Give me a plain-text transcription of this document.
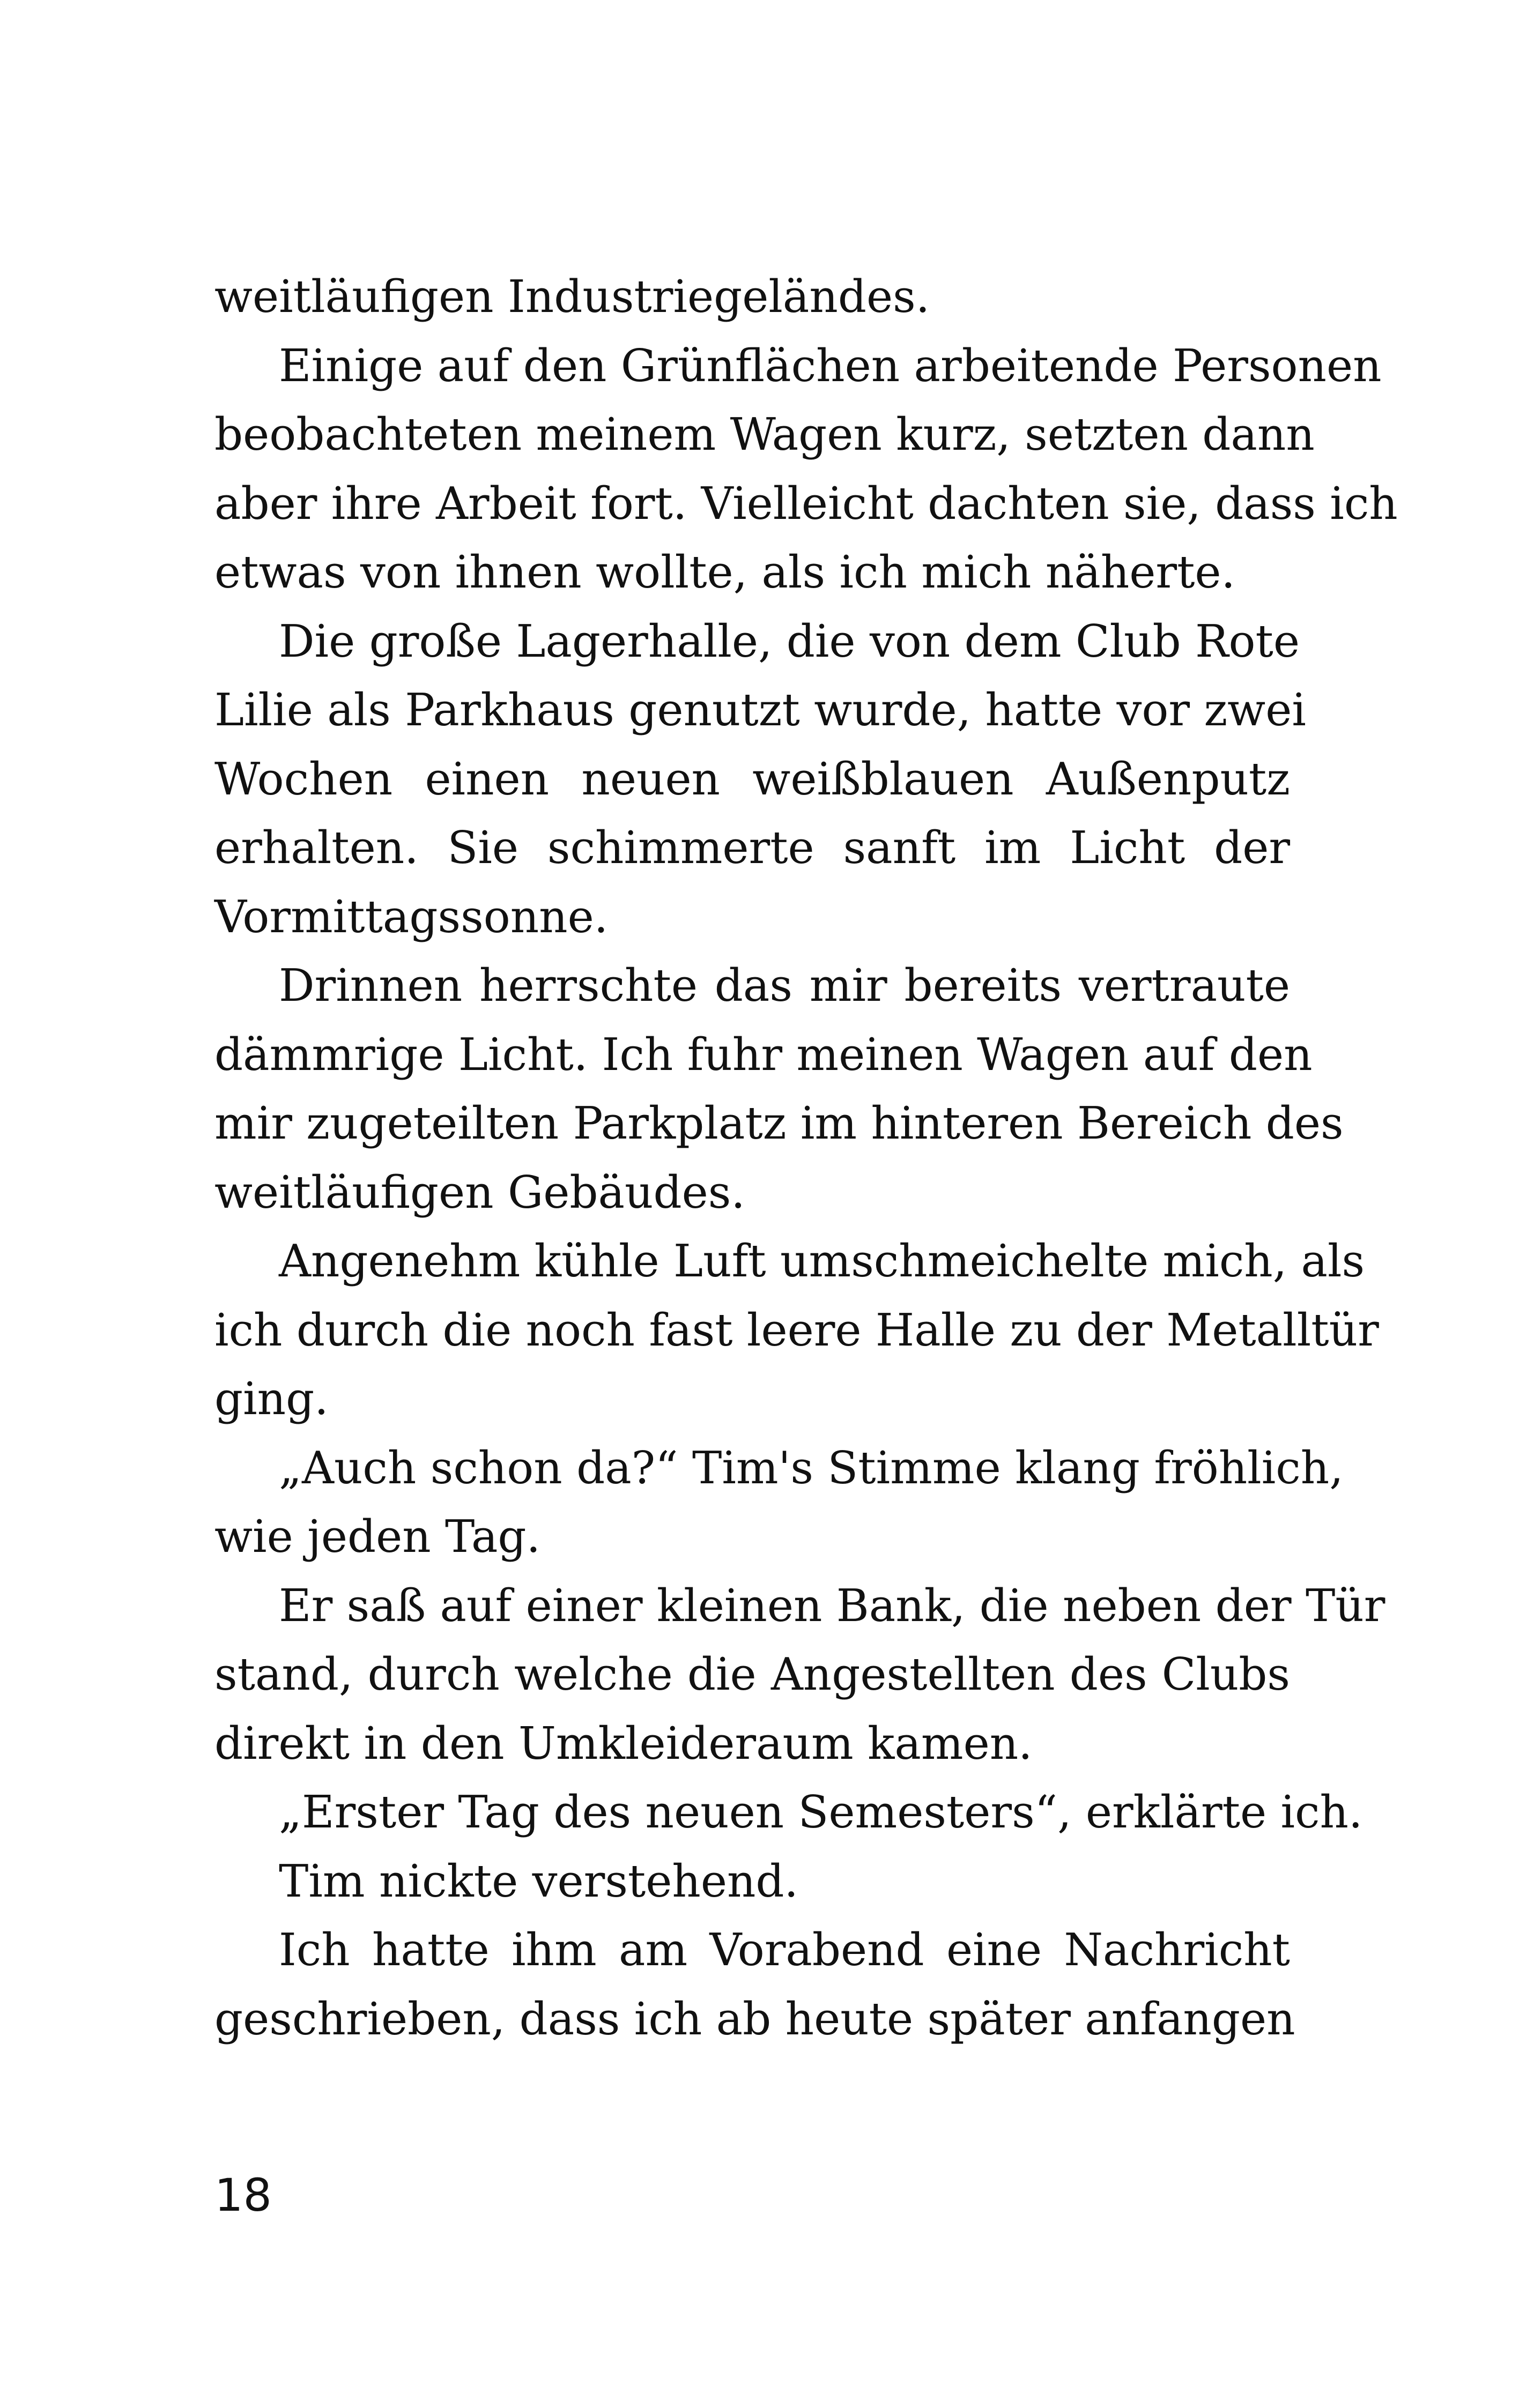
weitläufigen Industriegeländes.
Einige auf den Grünflächen arbeitende Personen
beobachteten meinem Wagen kurz, setzten dann
aber ihre Arbeit fort. Vielleicht dachten sie, dass ich
etwas von ihnen wollte, als ich mich näherte.
Die große Lagerhalle, die von dem Club Rote
Lilie als Parkhaus genutzt wurde, hatte vor zwei
Wochen einen neuen weißblauen Außenputz
erhalten. Sie schimmerte sanft im Licht der
Vormittagssonne.
Drinnen herrschte das mir bereits vertraute
dämmrige Licht. Ich fuhr meinen Wagen auf den
mir zugeteilten Parkplatz im hinteren Bereich des
weitläufigen Gebäudes.
Angenehm kühle Luft umschmeichelte mich, als
ich durch die noch fast leere Halle zu der Metalltür
ging.
„Auch schon da?“ Tim's Stimme klang fröhlich,
wie jeden Tag.
Er saß auf einer kleinen Bank, die neben der Tür
stand, durch welche die Angestellten des Clubs
direkt in den Umkleideraum kamen.
„Erster Tag des neuen Semesters“, erklärte ich.
Tim nickte verstehend.
Ich hatte ihm am Vorabend eine Nachricht
geschrieben, dass ich ab heute später anfangen
18
